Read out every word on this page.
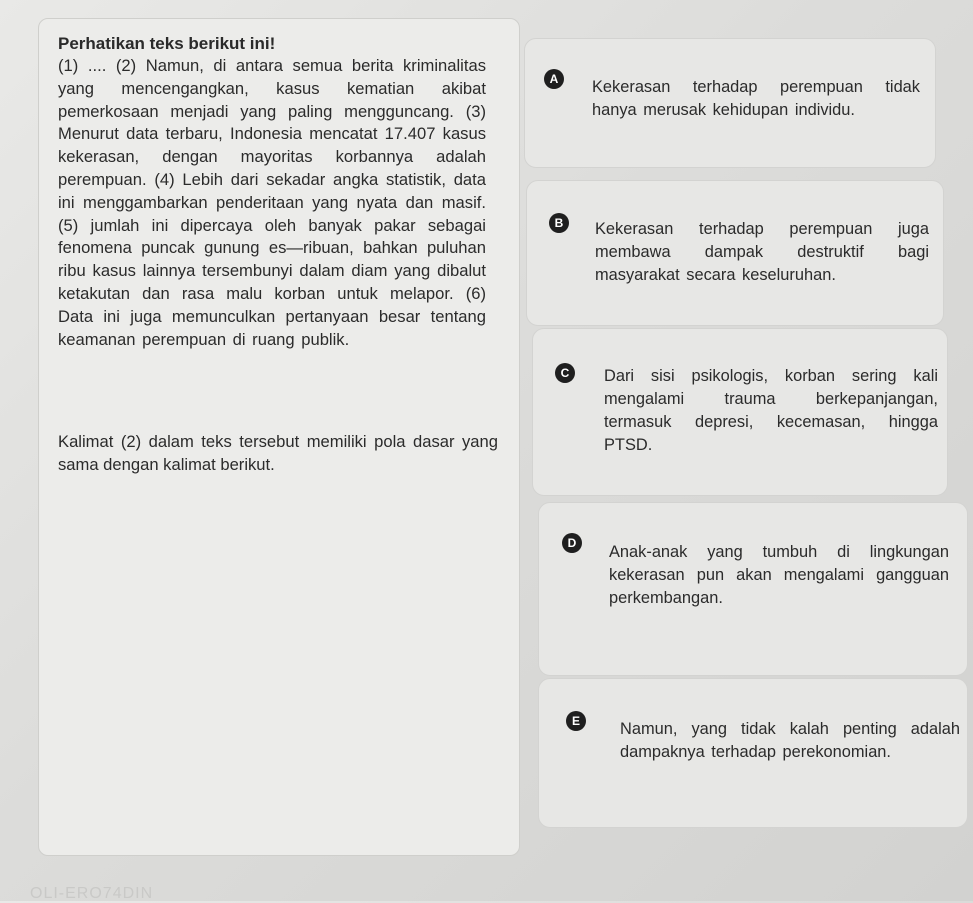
Perhatikan teks berikut ini!
(1) .... (2) Namun, di antara semua berita kriminalitas yang mencengangkan, kasus kematian akibat pemerkosaan menjadi yang paling mengguncang. (3) Menurut data terbaru, Indonesia mencatat 17.407 kasus kekerasan, dengan mayoritas korbannya adalah perempuan. (4) Lebih dari sekadar angka statistik, data ini menggambarkan penderitaan yang nyata dan masif. (5) jumlah ini dipercaya oleh banyak pakar sebagai fenomena puncak gunung es—ribuan, bahkan puluhan ribu kasus lainnya tersembunyi dalam diam yang dibalut ketakutan dan rasa malu korban untuk melapor. (6) Data ini juga memunculkan pertanyaan besar tentang keamanan perempuan di ruang publik.
Kalimat (2) dalam teks tersebut memiliki pola dasar yang sama dengan kalimat berikut.
A	Kekerasan terhadap perempuan tidak hanya merusak kehidupan individu.
B	Kekerasan terhadap perempuan juga membawa dampak destruktif bagi masyarakat secara keseluruhan.
C	Dari sisi psikologis, korban sering kali mengalami trauma berkepanjangan, termasuk depresi, kecemasan, hingga PTSD.
D	Anak-anak yang tumbuh di lingkungan kekerasan pun akan mengalami gangguan perkembangan.
E	Namun, yang tidak kalah penting adalah dampaknya terhadap perekonomian.
OLI-ERO74DIN
